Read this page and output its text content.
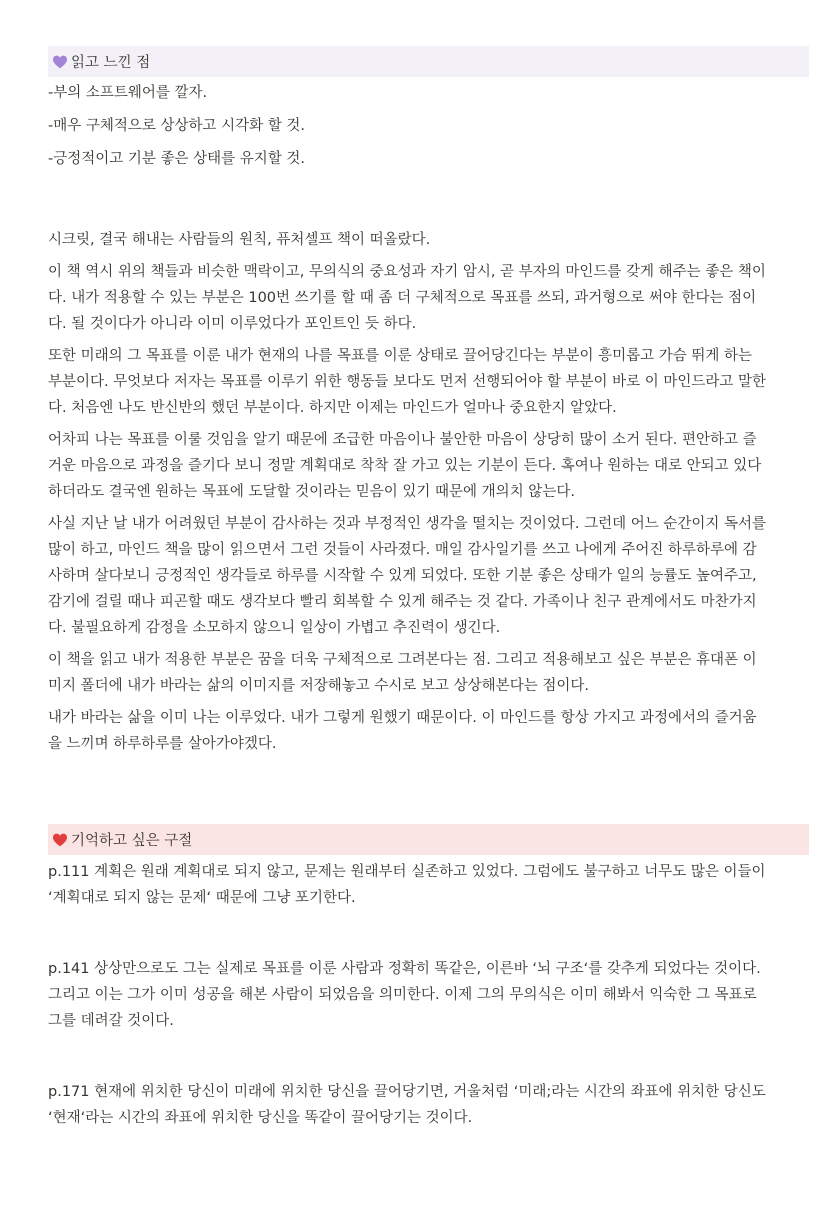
읽고 느낀 점

-부의 소프트웨어를 깔자.

-매우 구체적으로 상상하고 시각화 할 것.

-긍정적이고 기분 좋은 상태를 유지할 것.

시크릿, 결국 해내는 사람들의 원칙, 퓨처셀프 책이 떠올랐다.

이 책 역시 위의 책들과 비슷한 맥락이고, 무의식의 중요성과 자기 암시, 곧 부자의 마인드를 갖게 해주는 좋은 책이다. 내가 적용할 수 있는 부분은 100번 쓰기를 할 때 좀 더 구체적으로 목표를 쓰되, 과거형으로 써야 한다는 점이다. 될 것이다가 아니라 이미 이루었다가 포인트인 듯 하다.

또한 미래의 그 목표를 이룬 내가 현재의 나를 목표를 이룬 상태로 끌어당긴다는 부분이 흥미롭고 가슴 뛰게 하는 부분이다. 무엇보다 저자는 목표를 이루기 위한 행동들 보다도 먼저 선행되어야 할 부분이 바로 이 마인드라고 말한다. 처음엔 나도 반신반의 했던 부분이다. 하지만 이제는 마인드가 얼마나 중요한지 알았다.

어차피 나는 목표를 이룰 것임을 알기 때문에 조급한 마음이나 불안한 마음이 상당히 많이 소거 된다. 편안하고 즐거운 마음으로 과정을 즐기다 보니 정말 계획대로 착착 잘 가고 있는 기분이 든다. 혹여나 원하는 대로 안되고 있다 하더라도 결국엔 원하는 목표에 도달할 것이라는 믿음이 있기 때문에 개의치 않는다.

사실 지난 날 내가 어려웠던 부분이 감사하는 것과 부정적인 생각을 떨치는 것이었다. 그런데 어느 순간이지 독서를 많이 하고, 마인드 책을 많이 읽으면서 그런 것들이 사라졌다. 매일 감사일기를 쓰고 나에게 주어진 하루하루에 감사하며 살다보니 긍정적인 생각들로 하루를 시작할 수 있게 되었다. 또한 기분 좋은 상태가 일의 능률도 높여주고, 감기에 걸릴 때나 피곤할 때도 생각보다 빨리 회복할 수 있게 해주는 것 같다. 가족이나 친구 관계에서도 마찬가지다. 불필요하게 감정을 소모하지 않으니 일상이 가볍고 추진력이 생긴다.

이 책을 읽고 내가 적용한 부분은 꿈을 더욱 구체적으로 그려본다는 점. 그리고 적용해보고 싶은 부분은 휴대폰 이미지 폴더에 내가 바라는 삶의 이미지를 저장해놓고 수시로 보고 상상해본다는 점이다.

내가 바라는 삶을 이미 나는 이루었다. 내가 그렇게 원했기 때문이다. 이 마인드를 항상 가지고 과정에서의 즐거움을 느끼며 하루하루를 살아가야겠다.

기억하고 싶은 구절

p.111 계획은 원래 계획대로 되지 않고, 문제는 원래부터 실존하고 있었다. 그럼에도 불구하고 너무도 많은 이들이 ‘계획대로 되지 않는 문제‘ 때문에 그냥 포기한다.

p.141 상상만으로도 그는 실제로 목표를 이룬 사람과 정확히 똑같은, 이른바 ‘뇌 구조‘를 갖추게 되었다는 것이다. 그리고 이는 그가 이미 성공을 해본 사람이 되었음을 의미한다. 이제 그의 무의식은 이미 해봐서 익숙한 그 목표로 그를 데려갈 것이다.

p.171 현재에 위치한 당신이 미래에 위치한 당신을 끌어당기면, 거울처럼 ‘미래;라는 시간의 좌표에 위치한 당신도 ‘현재‘라는 시간의 좌표에 위치한 당신을 똑같이 끌어당기는 것이다.
